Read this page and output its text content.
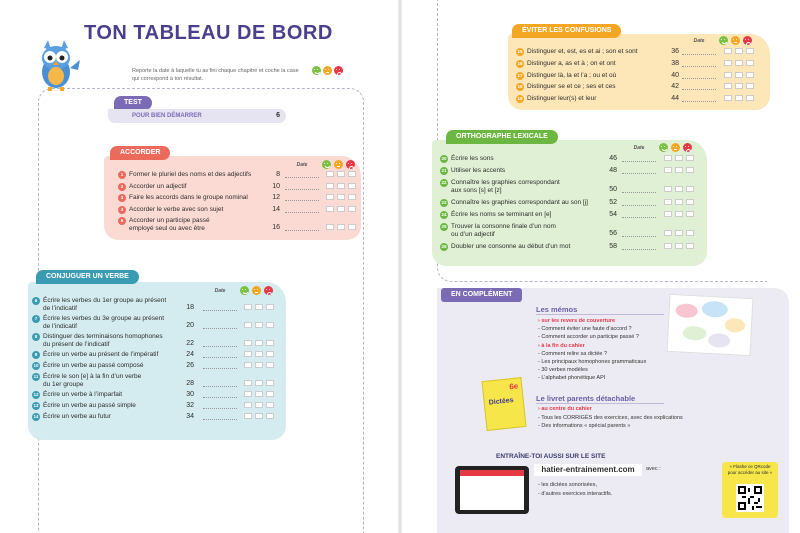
TON TABLEAU DE BORD
Reporte la date à laquelle tu as fini chaque chapitre et coche la case qui correspond à ton résultat.
TEST
POUR BIEN DÉMARRER	6
ACCORDER
CONJUGUER UN VERBE
ÉVITER LES CONFUSIONS
ORTHOGRAPHE LEXICALE
Date
1 Former le pluriel des noms et des adjectifs	8
2 Accorder un adjectif	10
3 Faire les accords dans le groupe nominal	12
4 Accorder le verbe avec son sujet	14
5 Accorder un participe passé
employé seul ou avec être	16
Date
6 Écrire les verbes du 1er groupe au présent
de l’indicatif	18
7 Écrire les verbes du 3e groupe au présent
de l’indicatif	20
8 Distinguer des terminaisons homophones
du présent de l’indicatif	22
9 Écrire un verbe au présent de l’impératif	24
10 Écrire un verbe au passé composé	26
11 Écrire le son [e] à la fin d’un verbe
du 1er groupe	28
12 Écrire un verbe à l’imparfait	30
13 Écrire un verbe au passé simple	32
14 Écrire un verbe au futur	34
Date
15 Distinguer et, est, es et ai ; son et sont	36
16 Distinguer a, as et à ; on et ont	38
17 Distinguer là, la et l’a ; ou et où	40
18 Distinguer se et ce ; ses et ces	42
19 Distinguer leur(s) et leur	44
Date
20 Écrire les sons	46
21 Utiliser les accents	48
22 Connaître les graphies correspondant
aux sons [s] et [z]	50
23 Connaître les graphies correspondant au son [j]	52
24 Écrire les noms se terminant en [e]	54
25 Trouver la consonne finale d’un nom
ou d’un adjectif	56
26 Doubler une consonne au début d’un mot	58
EN COMPLÉMENT
Les mémos
› sur les revers de couverture
- Comment éviter une faute d’accord ?
- Comment accorder un participe passé ?
› à la fin du cahier
- Comment relire sa dictée ?
- Les principaux homophones grammaticaux
- 30 verbes modèles
- L’alphabet phonétique API
6e
Dictées	Le livret parents détachable
› au centre du cahier
- Tous les CORRIGÉS des exercices, avec des explications
- Des informations « spécial parents »
ENTRAÎNE-TOI AUSSI SUR LE SITE
hatier-entrainement.com	avec :
- les dictées sonorisées,
- d’autres exercices interactifs.
« Flashe ce QRcode pour accéder au site »
